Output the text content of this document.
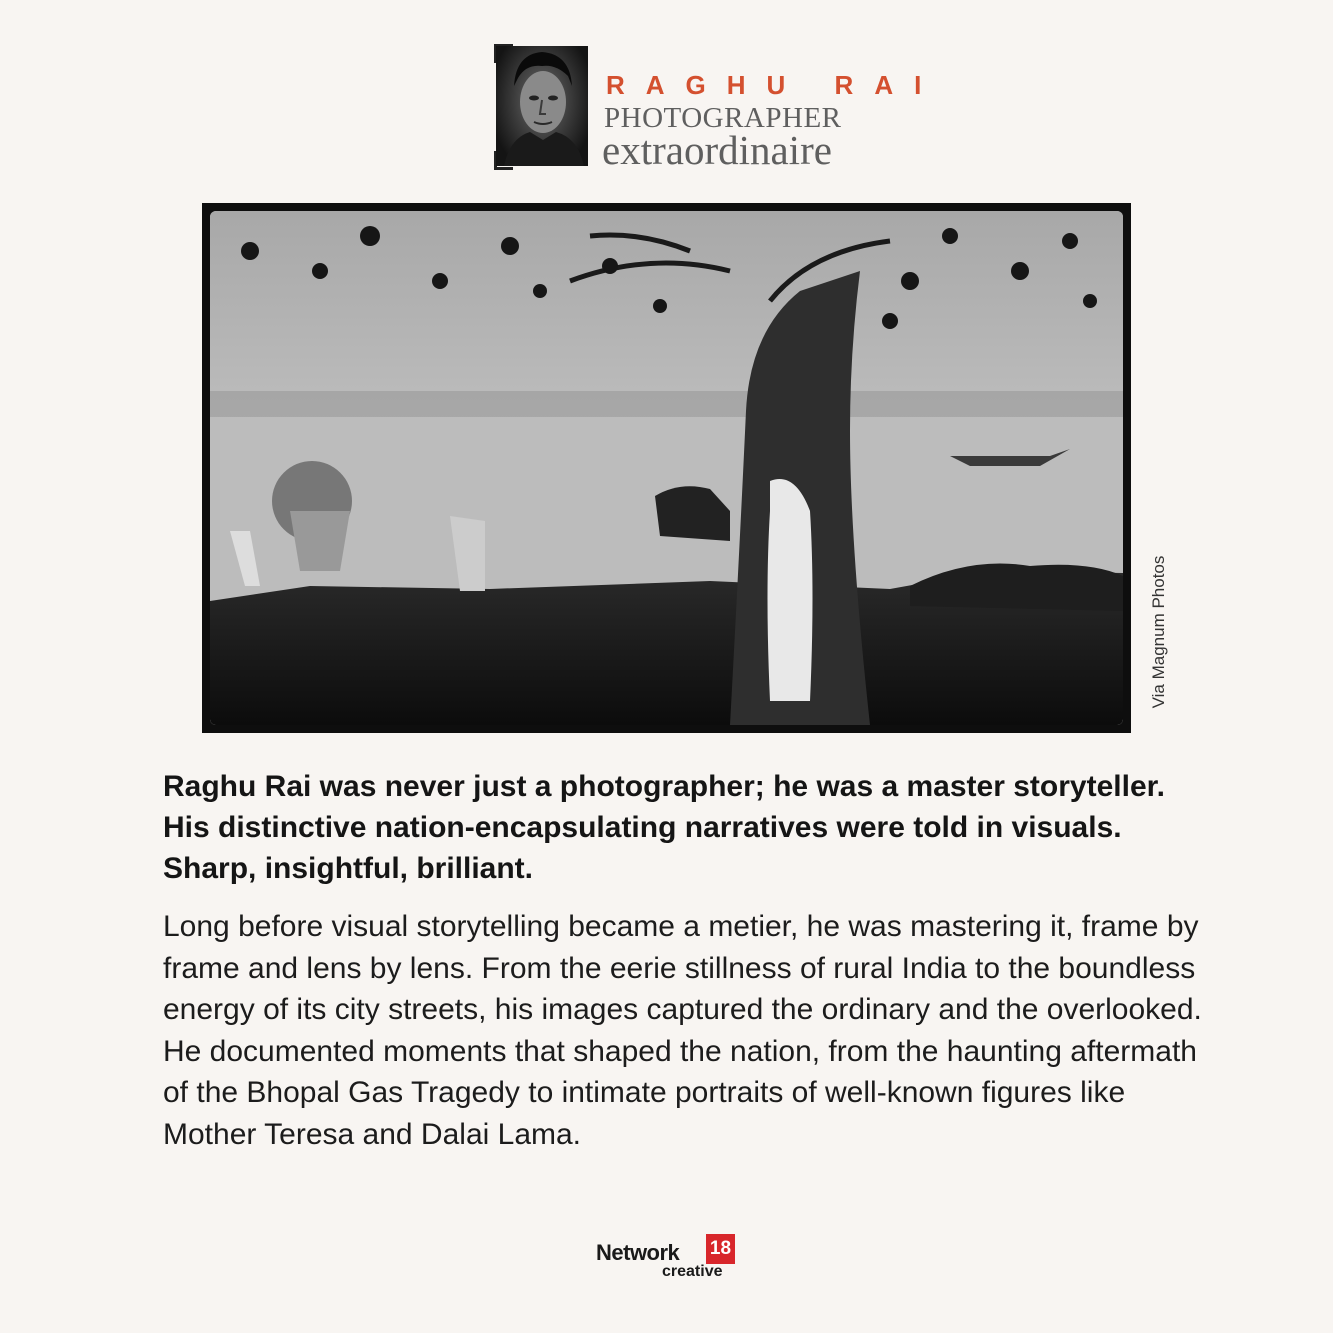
RAGHU RAI
PHOTOGRAPHER
extraordinaire
Via Magnum Photos
Raghu Rai was never just a photographer; he was a master storyteller. His distinctive nation-encapsulating narratives were told in visuals. Sharp, insightful, brilliant.
Long before visual storytelling became a metier, he was mastering it, frame by frame and lens by lens. From the eerie stillness of rural India to the boundless energy of its city streets, his images captured the ordinary and the overlooked. He documented moments that shaped the nation, from the haunting aftermath of the Bhopal Gas Tragedy to intimate portraits of well-known figures like Mother Teresa and Dalai Lama.
Network 18
creative
